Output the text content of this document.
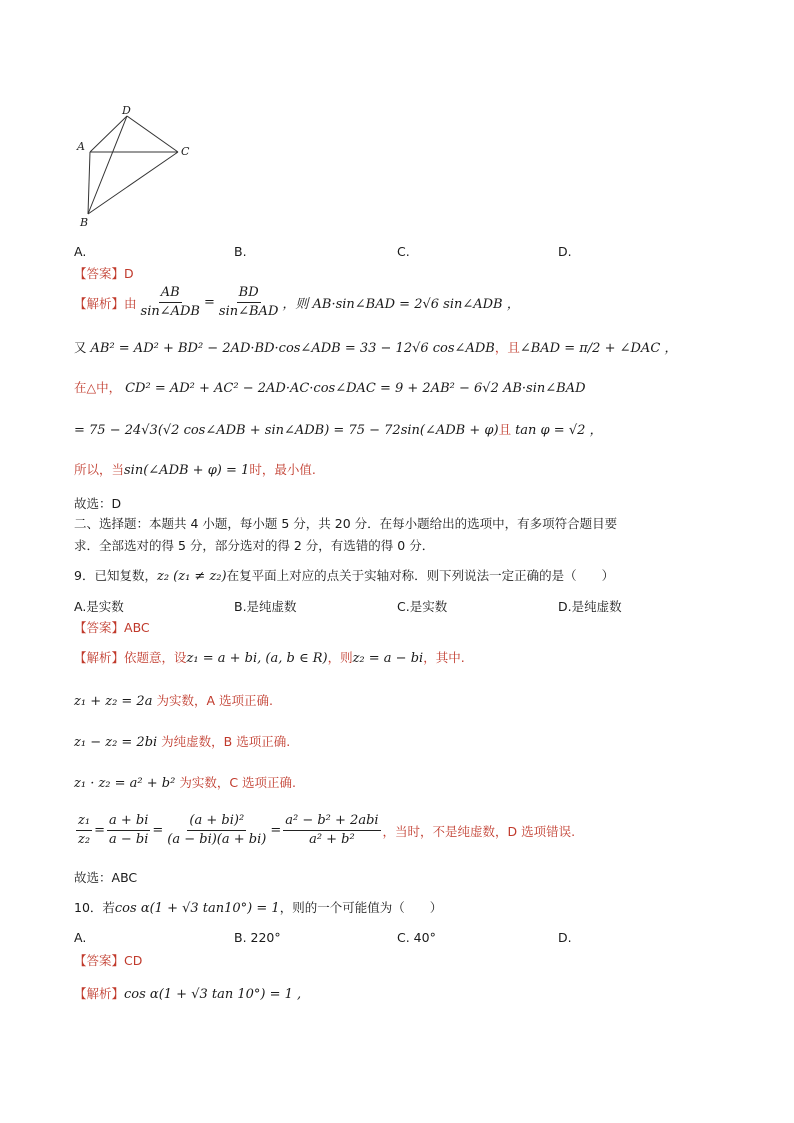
D
A	C
B
A.	B.	C.	D.
【答案】D
【解析】 由 $\frac{AB}{\text{sin∠ADB}} = \frac{BD}{\text{sin∠BAD}}$ ，则 AB·sin∠BAD = 2√6 sin∠ADB ，
又 AB² = AD² + BD² − 2AD·BD·cos∠ADB = 33 − 12√6 cos∠ADB，且∠BAD = π/2 + ∠DAC ，
在△中， CD² = AD² + AC² − 2AD·AC·cos∠DAC = 9 + 2AB² − 6√2 AB·sin∠BAD
= 75 − 24√3(√2 cos∠ADB + sin∠ADB) = 75 − 72sin(∠ADB + φ)且 tan φ = √2 ，
所以，当sin(∠ADB + φ) = 1时，最小值.
故选：D
二、选择题：本题共 4 小题，每小题 5 分，共 20 分．在每小题给出的选项中，有多项符合题目要
求．全部选对的得 5 分，部分选对的得 2 分，有选错的得 0 分．
9．已知复数，z₂ (z₁ ≠ z₂)在复平面上对应的点关于实轴对称．则下列说法一定正确的是（　　）
A.是实数	B.是纯虚数	C.是实数	D.是纯虚数
【答案】ABC
【解析】依题意，设z₁ = a + bi, (a, b ∈ R)，则z₂ = a − bi，其中.
z₁ + z₂ = 2a 为实数，A 选项正确.
z₁ − z₂ = 2bi 为纯虚数，B 选项正确.
z₁ · z₂ = a² + b² 为实数，C 选项正确.
$\frac{\text{z₁}}{\text{z₂}} = \frac{a + bi}{a - bi} = \frac{\text{(a + bi)²}}{(a - bi)(a + bi)} = \frac{\text{a² − b² + 2abi}}{\text{a² + b²}}$ ，当时，不是纯虚数，D 选项错误.
故选：ABC
10．若cos α(1 + √3 tan10°) = 1，则的一个可能值为（　　）
A.	B. 220°	C. 40°	D.
【答案】CD
【解析】cos α(1 + √3 tan 10°) = 1 ,
